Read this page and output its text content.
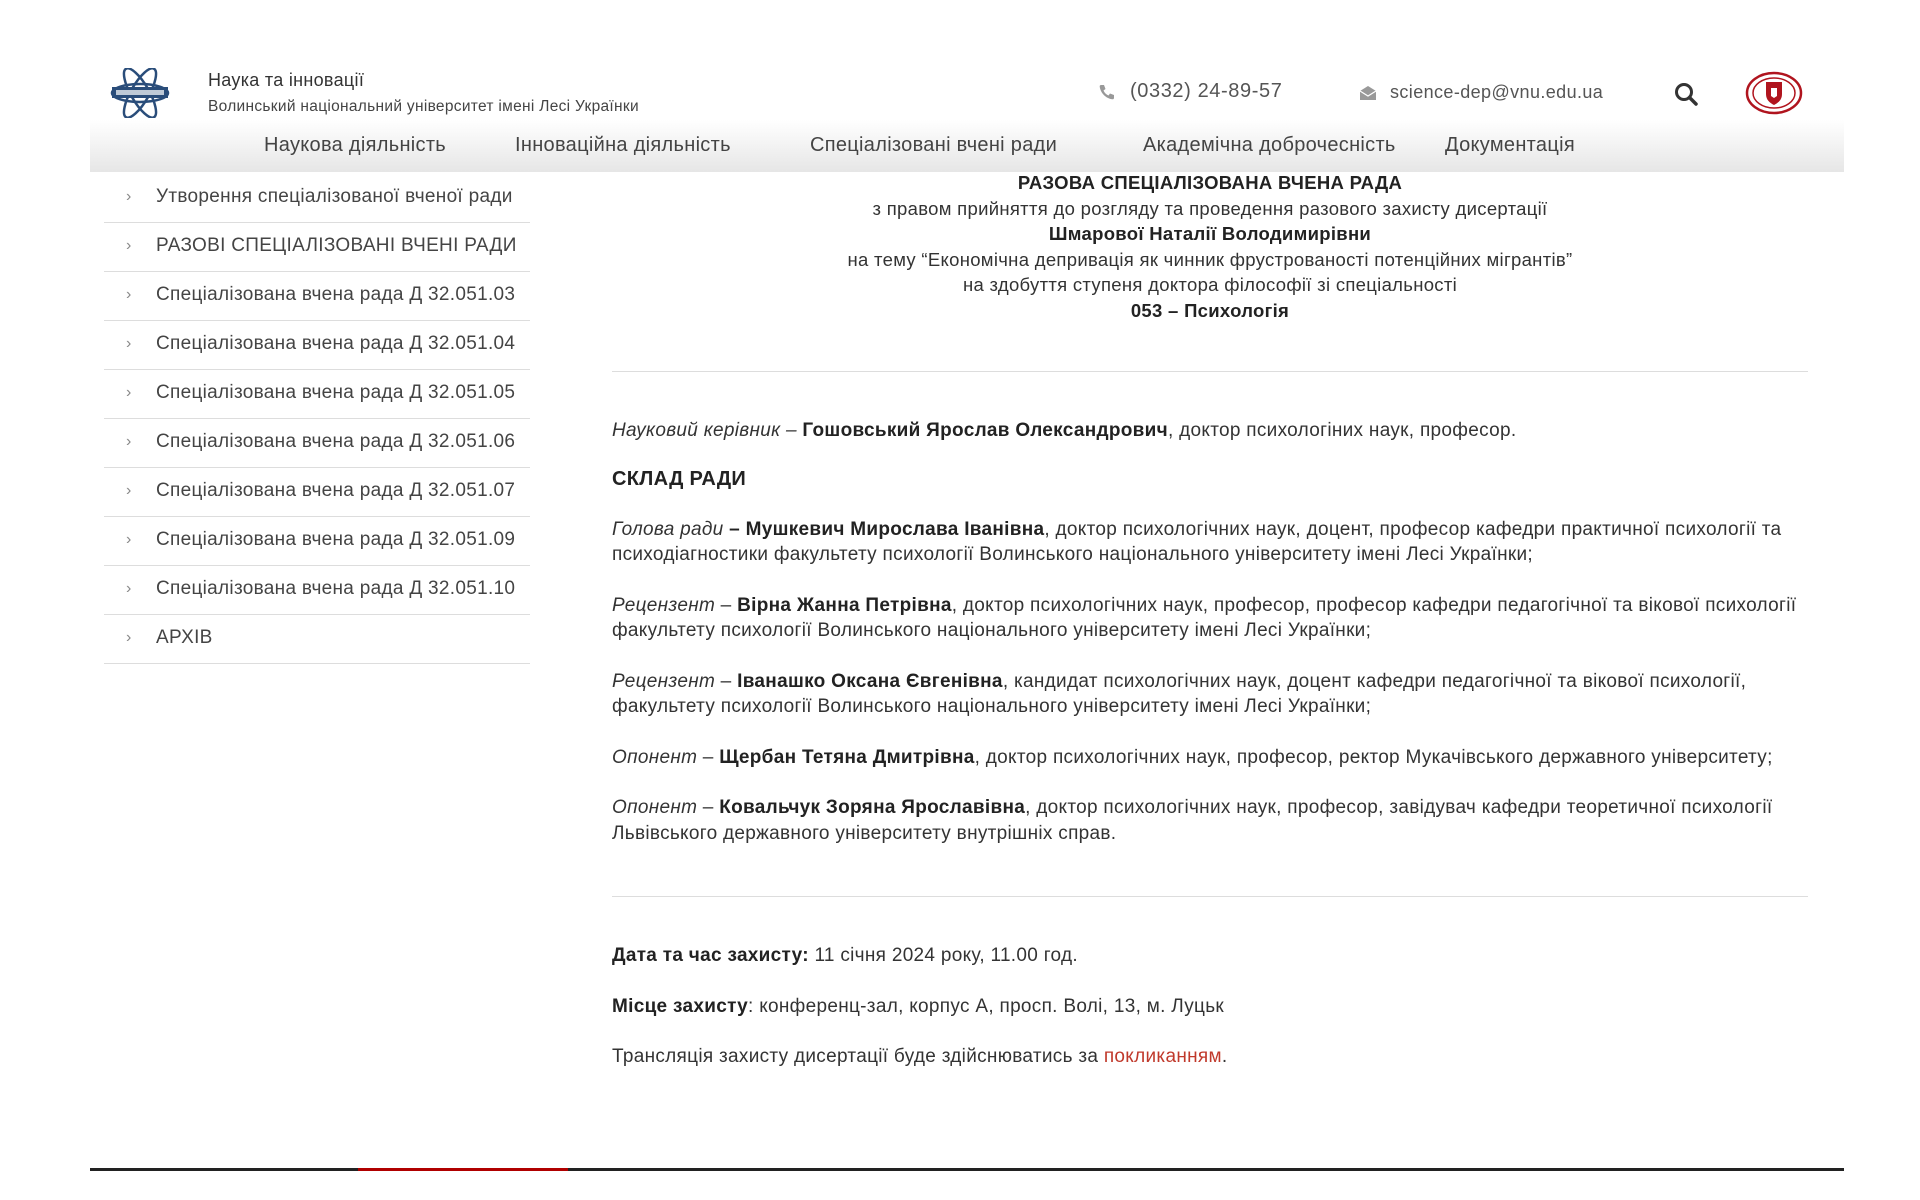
Наука та інновації
Волинський національний університет імені Лесі Українки
(0332) 24-89-57	science-dep@vnu.edu.ua
Наукова діяльність	Інноваційна діяльність	Спеціалізовані вчені ради	Академічна доброчесність Документація
› Утворення спеціалізованої вченої ради
› РАЗОВІ СПЕЦІАЛІЗОВАНІ ВЧЕНІ РАДИ
› Спеціалізована вчена рада Д 32.051.03
› Спеціалізована вчена рада Д 32.051.04
› Спеціалізована вчена рада Д 32.051.05
› Спеціалізована вчена рада Д 32.051.06
› Спеціалізована вчена рада Д 32.051.07
› Спеціалізована вчена рада Д 32.051.09
› Спеціалізована вчена рада Д 32.051.10
› АРХІВ
РАЗОВА СПЕЦІАЛІЗОВАНА ВЧЕНА РАДА
з правом прийняття до розгляду та проведення разового захисту дисертації
Шмарової Наталії Володимирівни
на тему “Економічна депривація як чинник фрустрованості потенційних мігрантів”
на здобуття ступеня доктора філософії зі спеціальності
053 – Психологія
Науковий керівник – Гошовський Ярослав Олександрович, доктор психологіних наук, професор.
СКЛАД РАДИ
Голова ради – Мушкевич Мирослава Іванівна, доктор психологічних наук, доцент, професор кафедри практичної психології та психодіагностики факультету психології Волинського національного університету імені Лесі Українки;
Рецензент – Вірна Жанна Петрівна, доктор психологічних наук, професор, професор кафедри педагогічної та вікової психології факультету психології Волинського національного університету імені Лесі Українки;
Рецензент – Іванашко Оксана Євгенівна, кандидат психологічних наук, доцент кафедри педагогічної та вікової психології, факультету психології Волинського національного університету імені Лесі Українки;
Опонент – Щербан Тетяна Дмитрівна, доктор психологічних наук, професор, ректор Мукачівського державного університету;
Опонент – Ковальчук Зоряна Ярославівна, доктор психологічних наук, професор, завідувач кафедри теоретичної психології Львівського державного університету внутрішніх справ.
Дата та час захисту: 11 січня 2024 року, 11.00 год.
Місце захисту: конференц-зал, корпус А, просп. Волі, 13, м. Луцьк
Трансляція захисту дисертації буде здійснюватись за покликанням.
